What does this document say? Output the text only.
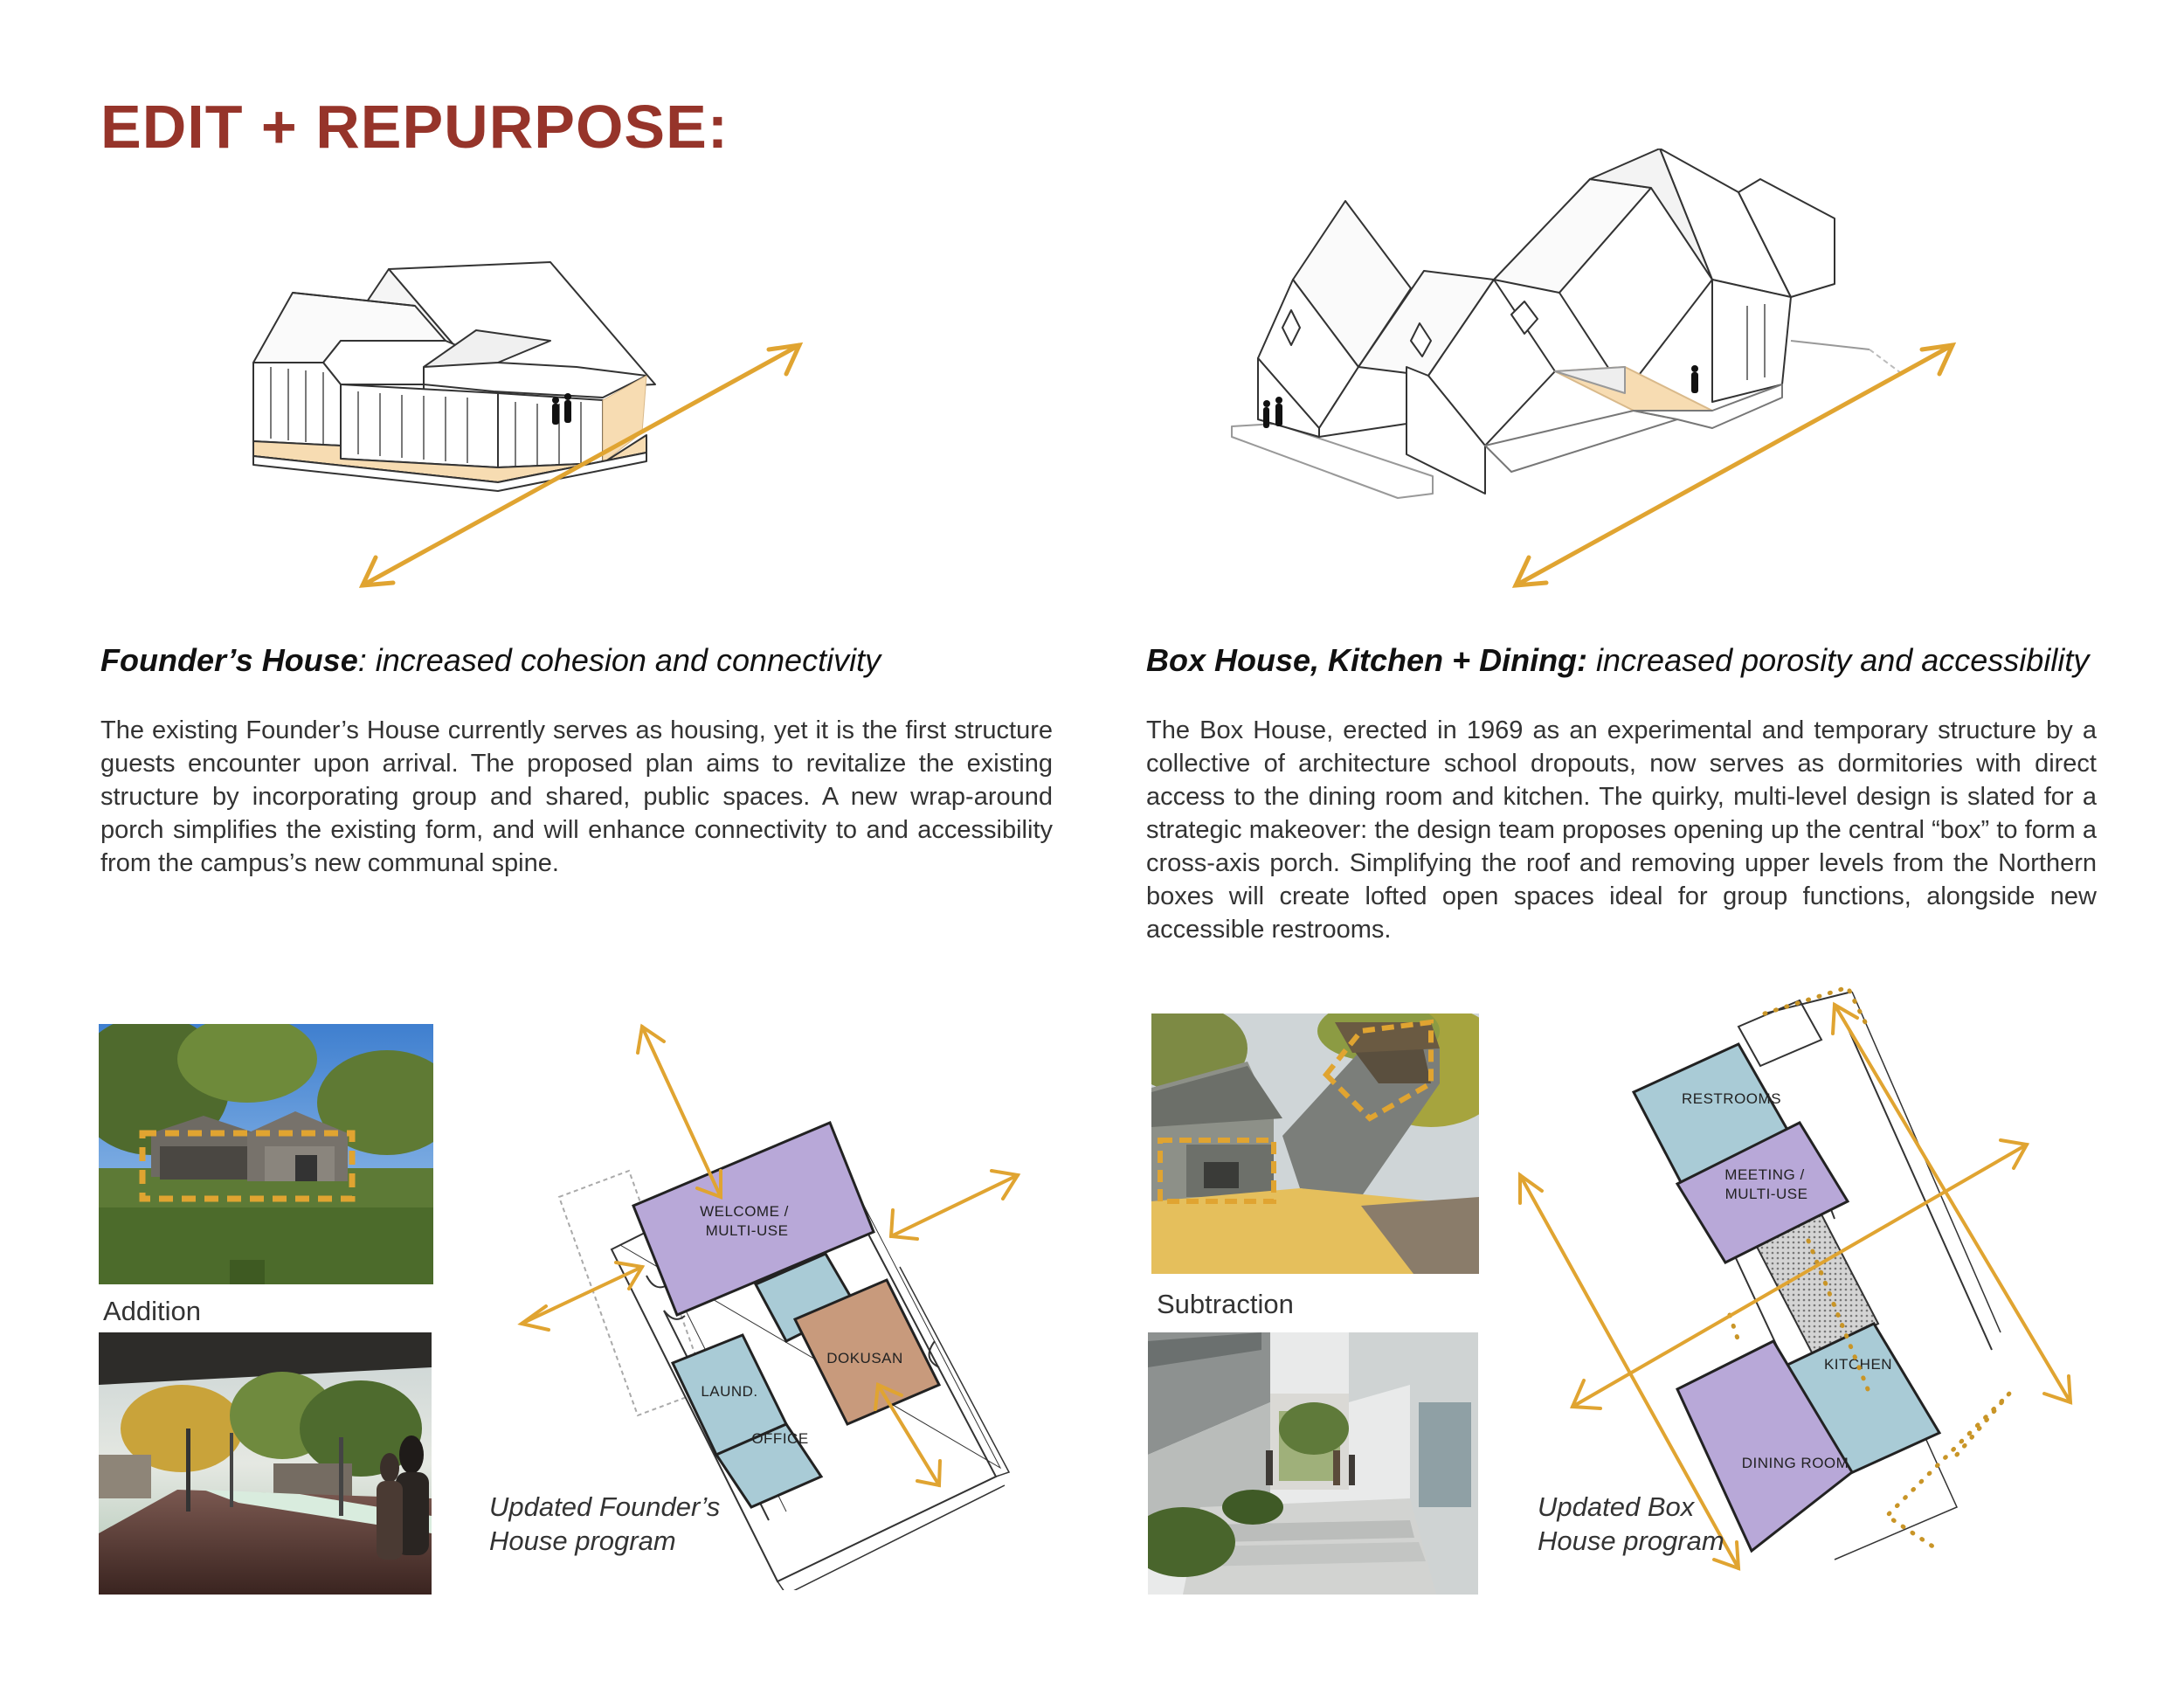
EDIT + REPURPOSE:
Founder’s House: increased cohesion and connectivity
The existing Founder’s House currently serves as housing, yet it is the first structure guests encounter upon arrival. The proposed plan aims to revitalize the existing structure by incorporating group and shared, public spaces. A new wrap-around porch simplifies the existing form, and will enhance connectivity to and accessibility from the campus’s new communal spine.
Box House, Kitchen + Dining: increased porosity and accessibility
The Box House, erected in 1969 as an experimental and temporary structure by a collective of architecture school dropouts, now serves as dormitories with direct access to the dining room and kitchen. The quirky, multi-level design is slated for a strategic makeover: the design team proposes opening up the central “box” to form a cross-axis porch. Simplifying the roof and removing upper levels from the Northern boxes will create lofted open spaces ideal for group functions, alongside new accessible restrooms.
Addition
WELCOME /
MULTI-USE
DOKUSAN
LAUND.
OFFICE
Updated Founder’s
House program
Subtraction
RESTROOMS
MEETING /
MULTI-USE
KITCHEN
DINING ROOM
Updated Box
House program
